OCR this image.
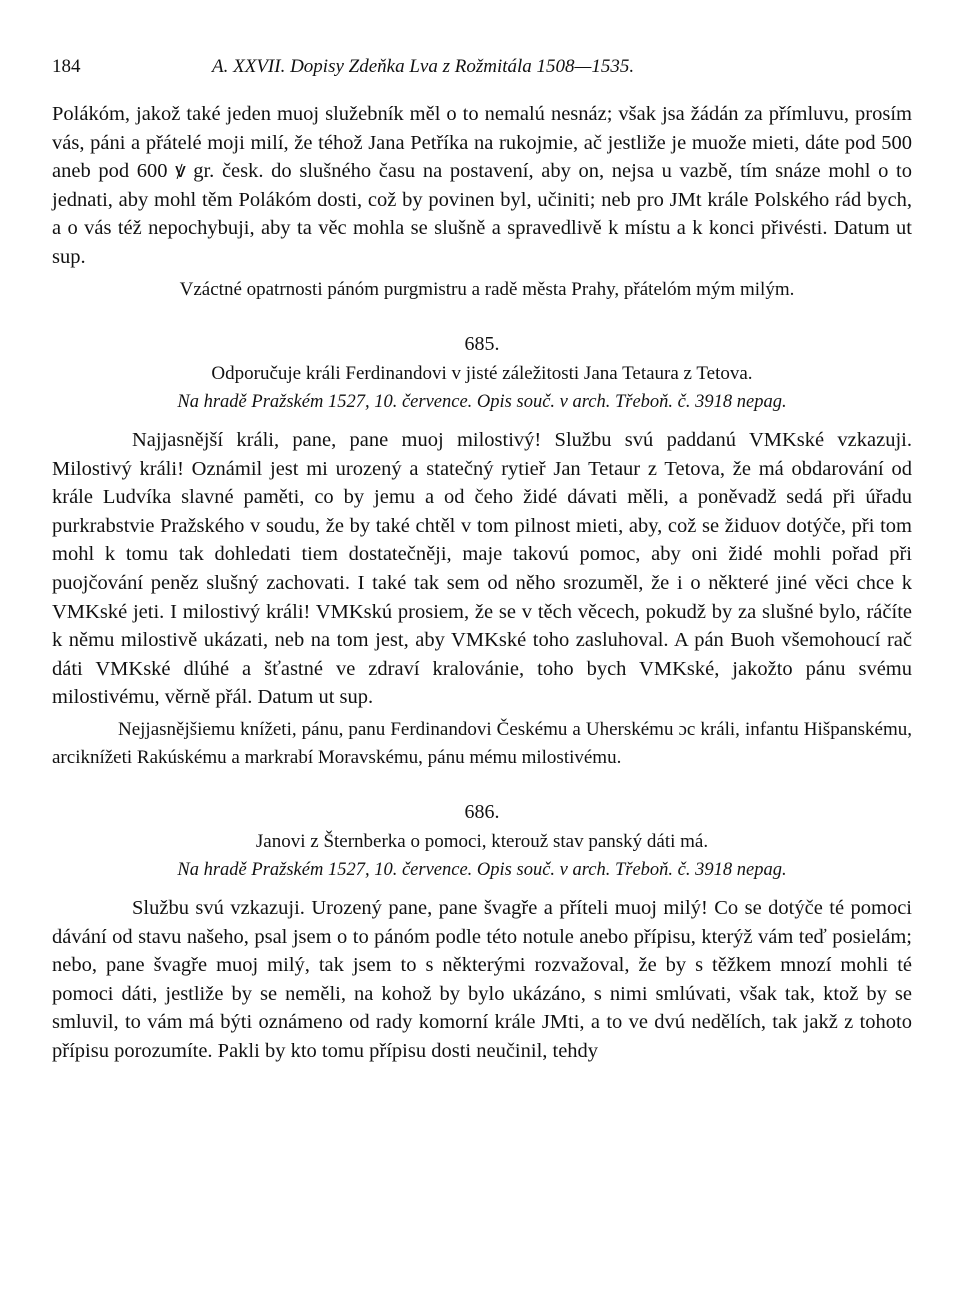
184	A. XXVII. Dopisy Zdeňka Lva z Rožmitála 1508—1535.

Polákóm, jakož také jeden muoj služebník měl o to nemalú nesnáz; však jsa žádán za přímluvu, prosím vás, páni a přátelé moji milí, že téhož Jana Petříka na rukojmie, ač jestliže je muože mieti, dáte pod 500 aneb pod 600 ꝟ gr. česk. do slušného času na postavení, aby on, nejsa u vazbě, tím snáze mohl o to jednati, aby mohl těm Polákóm dosti, což by povinen byl, učiniti; neb pro JMt krále Polského rád bych, a o vás též nepochybuji, aby ta věc mohla se slušně a spravedlivě k místu a k konci přivésti. Datum ut sup.

Vzáctné opatrnosti pánóm purgmistru a radě města Prahy, přátelóm mým milým.

685.
Odporučuje králi Ferdinandovi v jisté záležitosti Jana Tetaura z Tetova.
Na hradě Pražském 1527, 10. července. Opis souč. v arch. Třeboň. č. 3918 nepag.

Najjasnější králi, pane, pane muoj milostivý! Službu svú paddanú VMKské vzkazuji. Milostivý králi! Oznámil jest mi urozený a statečný rytieř Jan Tetaur z Tetova, že má obdarování od krále Ludvíka slavné paměti, co by jemu a od čeho židé dávati měli, a poněvadž sedá při úřadu purkrabstvie Pražského v soudu, že by také chtěl v tom pilnost mieti, aby, což se židuov dotýče, při tom mohl k tomu tak dohledati tiem dostatečněji, maje takovú pomoc, aby oni židé mohli pořad při puojčování peněz slušný zachovati. I také tak sem od něho srozuměl, že i o některé jiné věci chce k VMKské jeti. I milostivý králi! VMKskú prosiem, že se v těch věcech, pokudž by za slušné bylo, ráčíte k němu milostivě ukázati, neb na tom jest, aby VMKské toho zasluhoval. A pán Buoh všemohoucí rač dáti VMKské dlúhé a šťastné ve zdraví kralovánie, toho bych VMKské, jakožto pánu svému milostivému, věrně přál. Datum ut sup.

Nejjasnějšiemu knížeti, pánu, panu Ferdinandovi Českému a Uherskému ɔc králi, infantu Hišpanskému, arciknížeti Rakúskému a markrabí Moravskému, pánu mému milostivému.

686.
Janovi z Šternberka o pomoci, kterouž stav panský dáti má.
Na hradě Pražském 1527, 10. července. Opis souč. v arch. Třeboň. č. 3918 nepag.

Službu svú vzkazuji. Urozený pane, pane švagře a příteli muoj milý! Co se dotýče té pomoci dávání od stavu našeho, psal jsem o to pánóm podle této notule anebo přípisu, kterýž vám teď posielám; nebo, pane švagře muoj milý, tak jsem to s některými rozvažoval, že by s těžkem mnozí mohli té pomoci dáti, jestliže by se neměli, na kohož by bylo ukázáno, s nimi smlúvati, však tak, ktož by se smluvil, to vám má býti oznámeno od rady komorní krále JMti, a to ve dvú nedělích, tak jakž z tohoto přípisu porozumíte. Pakli by kto tomu přípisu dosti neučinil, tehdy
